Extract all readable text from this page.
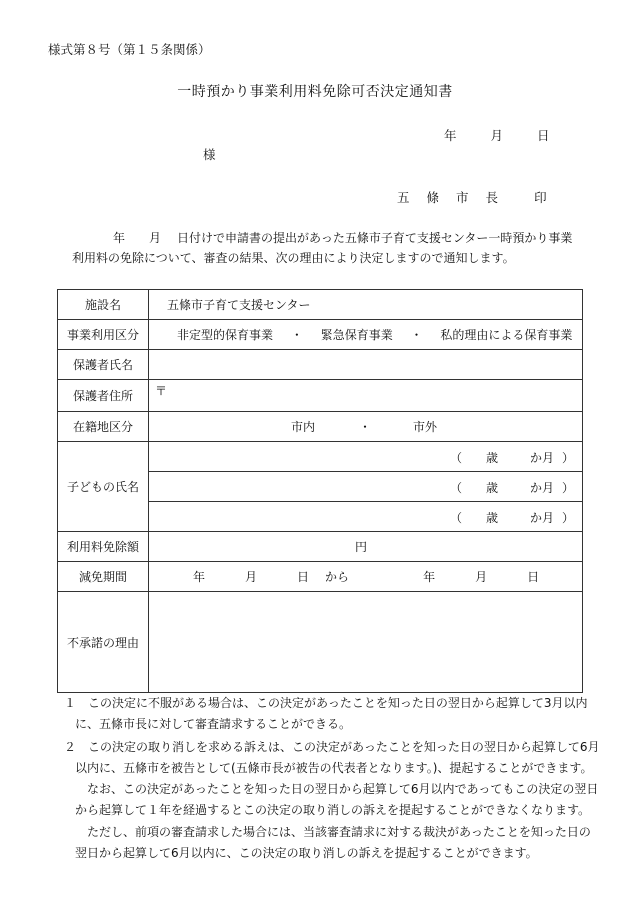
様式第８号（第１５条関係）
一時預かり事業利用料免除可否決定通知書
年	月	日
様
五 條 市 長	印
年 月 日付けで申請書の提出があった五條市子育て支援センター一時預かり事業
利用料の免除について、審査の結果、次の理由により決定しますので通知します。
施設名	五條市子育て支援センター
事業利用区分	非定型的保育事業 ・ 緊急保育事業 ・ 私的理由による保育事業
保護者氏名	
保護者住所	〒
在籍地区分	市内 ・ 市外
子どもの氏名	（ 歳 か月 ）
（ 歳 か月 ）
（ 歳 か月 ）

利用料免除額	円
減免期間	年 月 日 から 年 月 日
不承諾の理由	
１　この決定に不服がある場合は、この決定があったことを知った日の翌日から起算して3月以内
に、五條市長に対して審査請求することができる。
２　この決定の取り消しを求める訴えは、この決定があったことを知った日の翌日から起算して6月
以内に、五條市を被告として(五條市長が被告の代表者となります。)、提起することができます。
なお、この決定があったことを知った日の翌日から起算して6月以内であってもこの決定の翌日
から起算して１年を経過するとこの決定の取り消しの訴えを提起することができなくなります。
ただし、前項の審査請求した場合には、当該審査請求に対する裁決があったことを知った日の
翌日から起算して6月以内に、この決定の取り消しの訴えを提起することができます。
